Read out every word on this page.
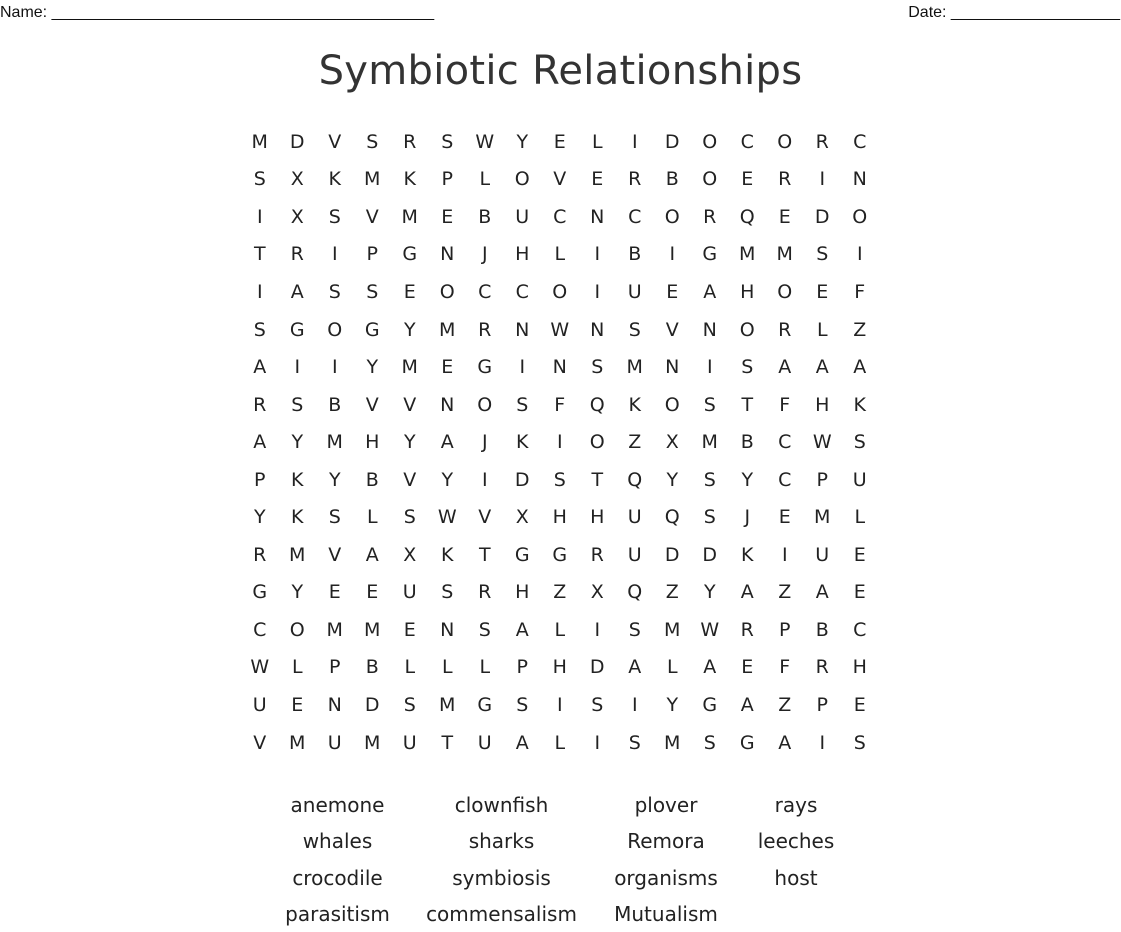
Name: ___________________________________________	Date: ___________________
Symbiotic Relationships
M	D	V	S	R	S	W	Y	E	L	I	D	O	C	O	R	C
S	X	K	M	K	P	L	O	V	E	R	B	O	E	R	I	N
I	X	S	V	M	E	B	U	C	N	C	O	R	Q	E	D	O
T	R	I	P	G	N	J	H	L	I	B	I	G	M	M	S	I
I	A	S	S	E	O	C	C	O	I	U	E	A	H	O	E	F
S	G	O	G	Y	M	R	N	W	N	S	V	N	O	R	L	Z
A	I	I	Y	M	E	G	I	N	S	M	N	I	S	A	A	A
R	S	B	V	V	N	O	S	F	Q	K	O	S	T	F	H	K
A	Y	M	H	Y	A	J	K	I	O	Z	X	M	B	C	W	S
P	K	Y	B	V	Y	I	D	S	T	Q	Y	S	Y	C	P	U
Y	K	S	L	S	W	V	X	H	H	U	Q	S	J	E	M	L
R	M	V	A	X	K	T	G	G	R	U	D	D	K	I	U	E
G	Y	E	E	U	S	R	H	Z	X	Q	Z	Y	A	Z	A	E
C	O	M	M	E	N	S	A	L	I	S	M	W	R	P	B	C
W	L	P	B	L	L	L	P	H	D	A	L	A	E	F	R	H
U	E	N	D	S	M	G	S	I	S	I	Y	G	A	Z	P	E
V	M	U	M	U	T	U	A	L	I	S	M	S	G	A	I	S
anemone	clownfish	plover	rays
whales	sharks	Remora	leeches
crocodile	symbiosis	organisms	host
parasitism	commensalism	Mutualism
